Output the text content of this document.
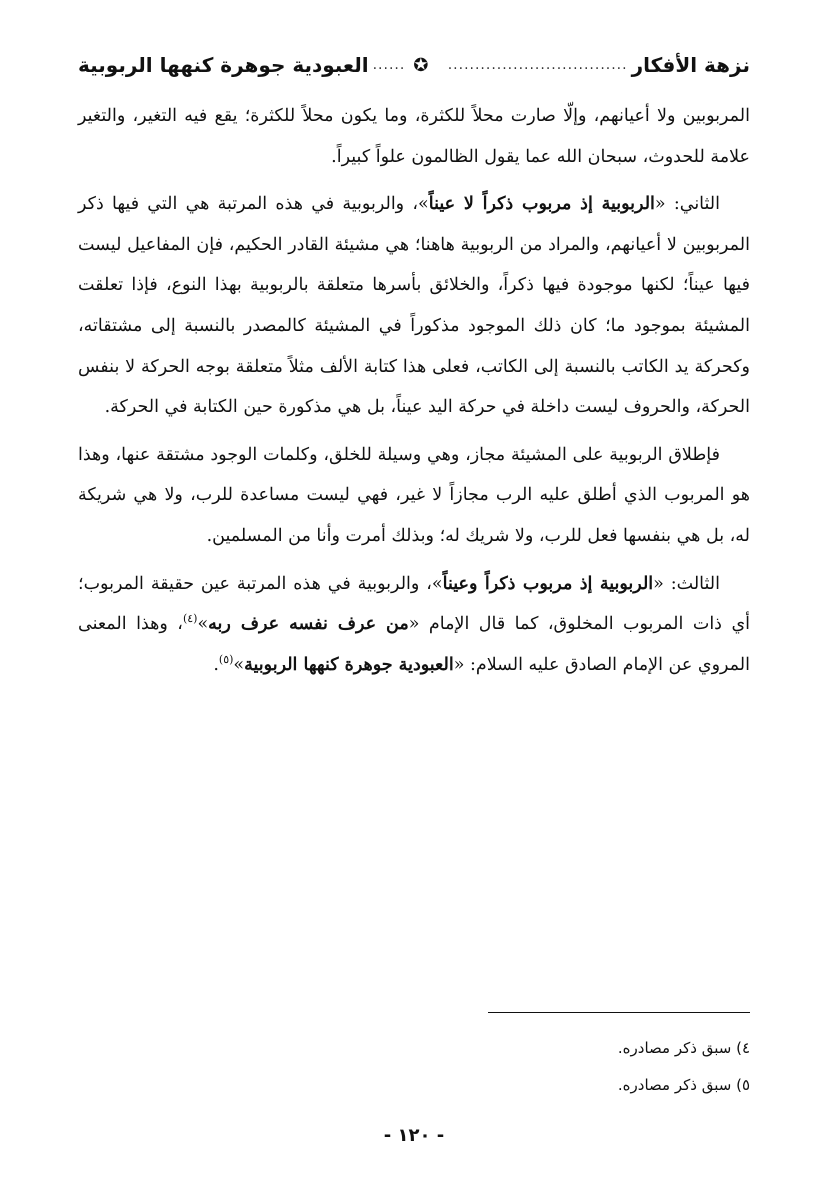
نزهة الأفكار
.................................
✪
......
العبودية جوهرة كنهها الربوبية

المربوبين ولا أعيانهم، وإلّا صارت محلاً للكثرة، وما يكون محلاً للكثرة؛ يقع فيه التغير، والتغير علامة للحدوث، سبحان الله عما يقول الظالمون علواً كبيراً.

الثاني: «الربوبية إذ مربوب ذكراً لا عيناً»، والربوبية في هذه المرتبة هي التي فيها ذكر المربوبين لا أعيانهم، والمراد من الربوبية هاهنا؛ هي مشيئة القادر الحكيم، فإن المفاعيل ليست فيها عيناً؛ لكنها موجودة فيها ذكراً، والخلائق بأسرها متعلقة بالربوبية بهذا النوع، فإذا تعلقت المشيئة بموجود ما؛ كان ذلك الموجود مذكوراً في المشيئة كالمصدر بالنسبة إلى مشتقاته، وكحركة يد الكاتب بالنسبة إلى الكاتب، فعلى هذا كتابة الألف مثلاً متعلقة بوجه الحركة لا بنفس الحركة، والحروف ليست داخلة في حركة اليد عيناً، بل هي مذكورة حين الكتابة في الحركة.

فإطلاق الربوبية على المشيئة مجاز، وهي وسيلة للخلق، وكلمات الوجود مشتقة عنها، وهذا هو المربوب الذي أطلق عليه الرب مجازاً لا غير، فهي ليست مساعدة للرب، ولا هي شريكة له، بل هي بنفسها فعل للرب، ولا شريك له؛ وبذلك أمرت وأنا من المسلمين.

الثالث: «الربوبية إذ مربوب ذكراً وعيناً»، والربوبية في هذه المرتبة عين حقيقة المربوب؛ أي ذات المربوب المخلوق، كما قال الإمام «من عرف نفسه عرف ربه»$^{(٤)}$، وهذا المعنى المروي عن الإمام الصادق عليه السلام: «العبودية جوهرة كنهها الربوبية»$^{(٥)}$.

٤) سبق ذكر مصادره.
٥) سبق ذكر مصادره.
- ١٢٠ -
